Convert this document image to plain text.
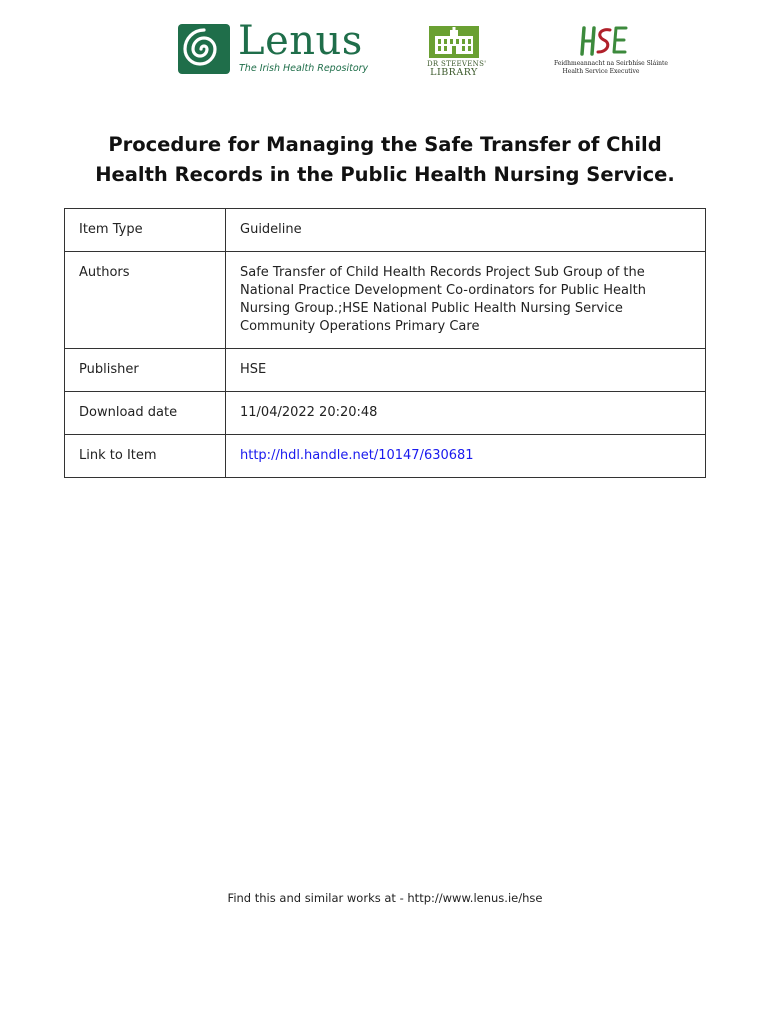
Lenus
The Irish Health Repository	DR STEEVENS'
LIBRARY
Feidhmeannacht na Seirbhíse Sláinte
Health Service Executive
Procedure for Managing the Safe Transfer of Child
Health Records in the Public Health Nursing Service.
Item Type	Guideline
Authors	Safe Transfer of Child Health Records Project Sub Group of the
National Practice Development Co-ordinators for Public Health
Nursing Group.;HSE National Public Health Nursing Service
Community Operations Primary Care

Publisher	HSE
Download date	11/04/2022 20:20:48
Link to Item	http://hdl.handle.net/10147/630681
Find this and similar works at - http://www.lenus.ie/hse
